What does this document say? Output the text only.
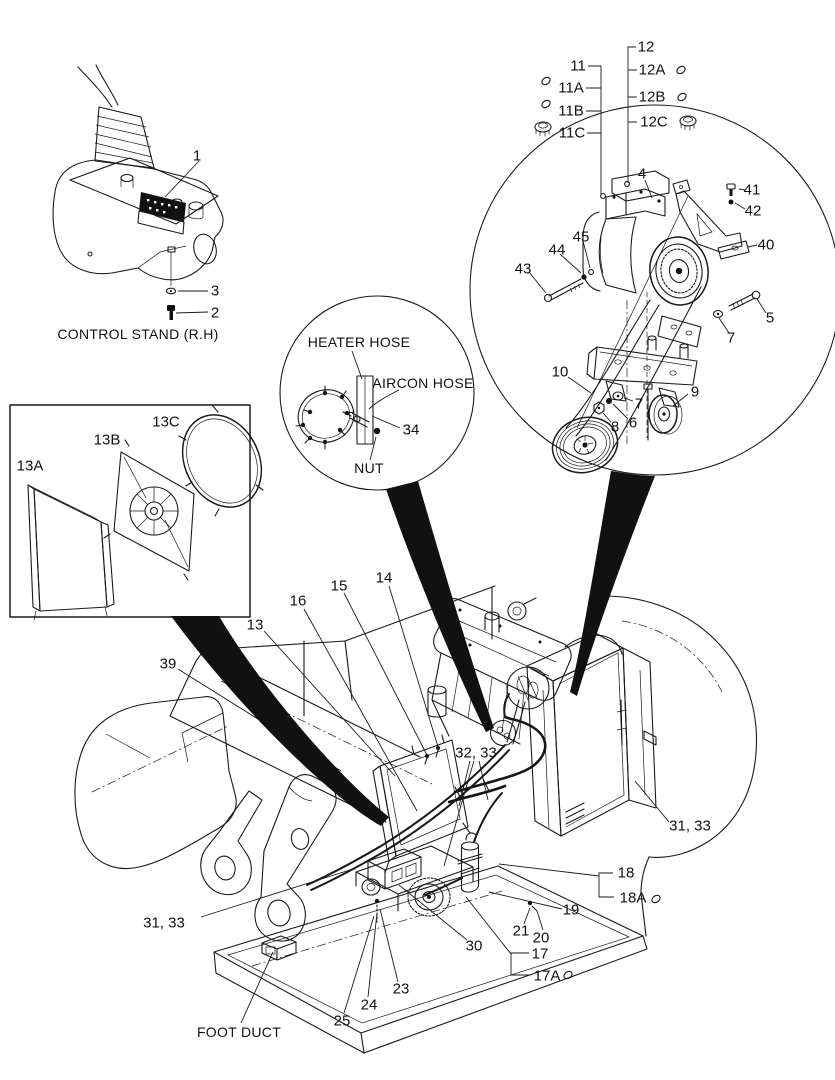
1
3
2
CONTROL STAND (R.H)
11
11A
11B
11C
12
12A
12B
12C
4
41
42
40
43
44
45
5
7
10
7
8 6
9
HEATER HOSE
AIRCON HOSE
34
NUT
13A
13B
13C
13
39
16
15 14
32, 33
31, 33
31, 33
18
18A
19
21 20
30	17
17A
23
24
25
FOOT DUCT
